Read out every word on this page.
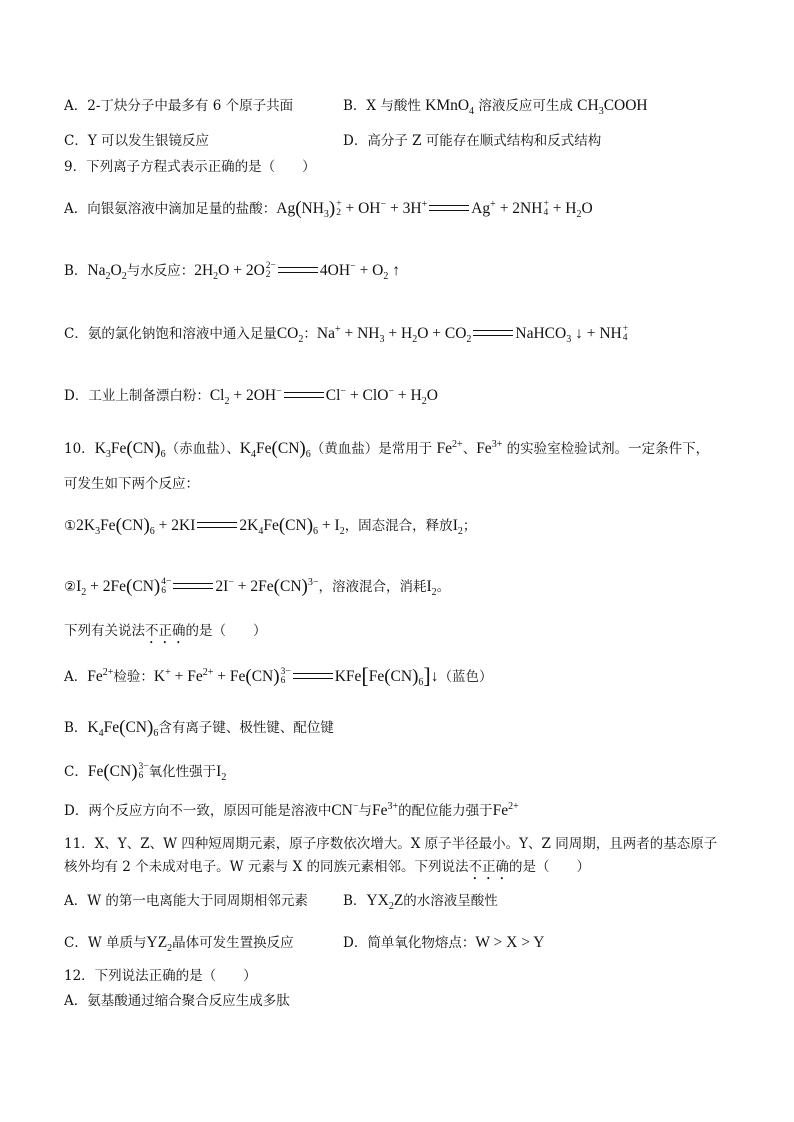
A．2-丁炔分子中最多有 6 个原子共面	B．X 与酸性 KMnO$_4$ 溶液反应可生成 $CH_3COOH$
C．Y 可以发生银镜反应	D．高分子 Z 可能存在顺式结构和反式结构
9．下列离子方程式表示正确的是（　　）
A．向银氨溶液中滴加足量的盐酸：$Ag(NH_3)$ +
2 + OH− + 3H+	Ag+ + 2NH +
$4 + H_2O$
B．$Na_2O_2$与水反应：$2H_2O + 2O$ 2−
2	$4OH^- + O_2$ ↑
C．氨的氯化钠饱和溶液中通入足量$CO_2$：$Na^+ + NH_3 + H_2O + CO_2$	NaHCO$_3$ ↓ + NH +
4
D．工业上制备漂白粉：$Cl_2 + 2OH^-$	$Cl^- + ClO^- + H_2O$
10．$K_3Fe(CN)_6$（赤血盐）、$K_4Fe(CN)_6$（黄血盐）是常用于 $Fe^{2+}$、$Fe^{3+}$ 的实验室检验试剂。一定条件下，
可发生如下两个反应：
$①2K_3Fe(CN)_6 + 2KI$	$2K_4Fe(CN)_6 + I_2$，固态混合，释放$I_2$；
$②I_2 + 2Fe(CN)$ 4−
6	2I− + 2Fe(CN)$^{3-}$，溶液混合，消耗$I_2$。
下列有关说法不正确的是（　　）
A．$Fe^{2+}$检验：$K^+ + Fe^{2+} + Fe(CN)$ 3−
6	$KFe[Fe(CN)_6]↓$（蓝色）
B．$K_4Fe(CN)_6$含有离子键、极性键、配位键
C．Fe(CN) 3−
6 氧化性强于$I_2$
D．两个反应方向不一致，原因可能是溶液中CN−与$Fe^{3+}$的配位能力强于$Fe^{2+}$
11．X、Y、Z、W 四种短周期元素，原子序数依次增大。X 原子半径最小。Y、Z 同周期，且两者的基态原子
核外均有 2 个未成对电子。W 元素与 X 的同族元素相邻。下列说法不正确的是（　　）
A．W 的第一电离能大于同周期相邻元素	B．$YX_2Z$的水溶液呈酸性
C．W 单质与$YZ_2$晶体可发生置换反应	D．简单氧化物熔点：W > X > Y
12．下列说法正确的是（　　）
A．氨基酸通过缩合聚合反应生成多肽
